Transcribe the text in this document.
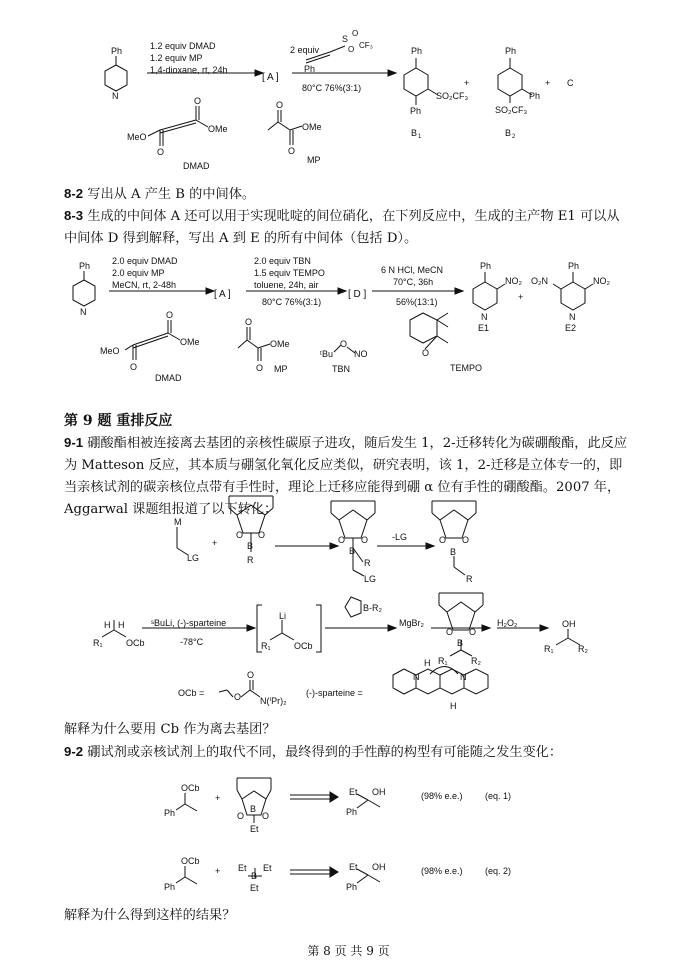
Ph
N
1.2 equiv DMAD
1.2 equiv MP
1,4-dioxane, rt, 24h
[ A ]
2 equiv
Ph
S
O
O CF₃
80°C 76%(3:1)
Ph
SO₂CF₃
Ph
B 1
+
Ph
Ph
SO₂CF₃
B 2
+ C
MeO
O
O
OMe
DMAD
O
O
OMe
MP
Ph
N
2.0 equiv DMAD
2.0 equiv MP
MeCN, rt, 2-48h
[ A ]
2.0 equiv TBN
1.5 equiv TEMPO
toluene, 24h, air
80°C 76%(3:1)
[ D ]
6 N HCl, MeCN
70°C, 36h
56%(13:1)
Ph
NO₂
N
E1
+
Ph
NO₂
O₂N
N
E2
MeO
O
O
OMe
DMAD
O
O
OMe
MP
ᵗBu
O
NO
TBN
O
TEMPO
M
LG
+
O O
B
R
O O
B
R
LG
-LG	O O
B
R
H H
R₁	OCb
ˢBuLi, (-)-sparteine
-78°C
Li
R₁	OCb
B-R₂
MgBr₂
O O
B
R₁	R₂
H₂O₂	OH
R₁	R₂
OCb =	O
O
N(ⁱPr)₂
(-)-sparteine =
N	N
H
H
OCb
Ph
+
O O
B
Et
Et OH
Ph
(98% e.e.) (eq. 1)
OCb
Ph
+ Et Et
B
Et
Et OH
Ph
(98% e.e.) (eq. 2)

8-2 写出从 A 产生 B 的中间体。

8-3 生成的中间体 A 还可以用于实现吡啶的间位硝化，在下列反应中，生成的主产物 E1 可以从中间体 D 得到解释，写出 A 到 E 的所有中间体（包括 D）。

第 9 题 重排反应

9-1 硼酸酯相被连接离去基团的亲核性碳原子进攻，随后发生 1，2-迁移转化为碳硼酸酯，此反应为 Matteson 反应，其本质与硼氢化氧化反应类似，研究表明，该 1，2-迁移是立体专一的，即当亲核试剂的碳亲核位点带有手性时，理论上迁移应能得到硼 α 位有手性的硼酸酯。2007 年，Aggarwal 课题组报道了以下转化：

解释为什么要用 Cb 作为离去基团？

9-2 硼试剂或亲核试剂上的取代不同，最终得到的手性醇的构型有可能随之发生变化：

解释为什么得到这样的结果？

第 8 页 共 9 页
